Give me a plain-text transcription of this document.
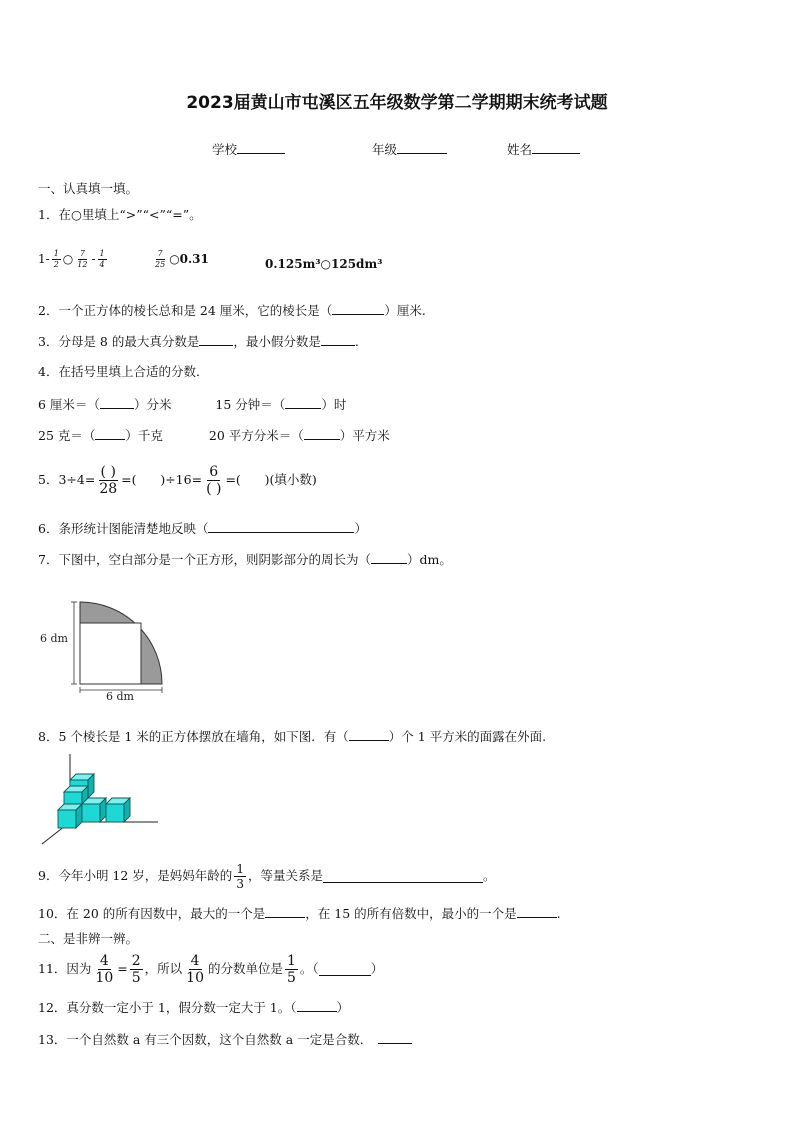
2023届黄山市屯溪区五年级数学第二学期期末统考试题
学校	年级	姓名
一、认真填一填。
1．在○里填上“>”“<”“=”。
$1- \frac{1}{2}$ ○ $\frac{7}{12} - \frac{1}{4}$	$\frac{7}{25}$ ○0.31	0.125m³○125dm³
2．一个正方体的棱长总和是 24 厘米，它的棱长是（	）厘米.
3．分母是 8 的最大真分数是	，最小假分数是	.
4．在括号里填上合适的分数．
6 厘米＝（	）分米	15 分钟＝（	）时
25 克＝（ ）千克	20 平方分米＝（	）平方米
5．$3\div 4= \frac{( )}{28}$ =(      )$\div 16= \frac{6}{( )}$ =(      )(填小数)
6．条形统计图能清楚地反映（	）
7．下图中，空白部分是一个正方形，则阴影部分的周长为（	）dm。
6 dm
6 dm
8．5 个棱长是 1 米的正方体摆放在墙角，如下图．有（	）个 1 平方米的面露在外面.
9．今年小明 12 岁，是妈妈年龄的 $\frac{1}{3}$ ，等量关系是	。
10．在 20 的所有因数中，最大的一个是	，在 15 的所有倍数中，最小的一个是	.
二、是非辨一辨。
11．因为 $\frac{4}{10} = \frac{2}{5}$ ，所以 $\frac{4}{10}$ 的分数单位是 $\frac{1}{5}$ 。（	）
12．真分数一定小于 1，假分数一定大于 1。（	）
13．一个自然数 a 有三个因数，这个自然数 a 一定是合数．
